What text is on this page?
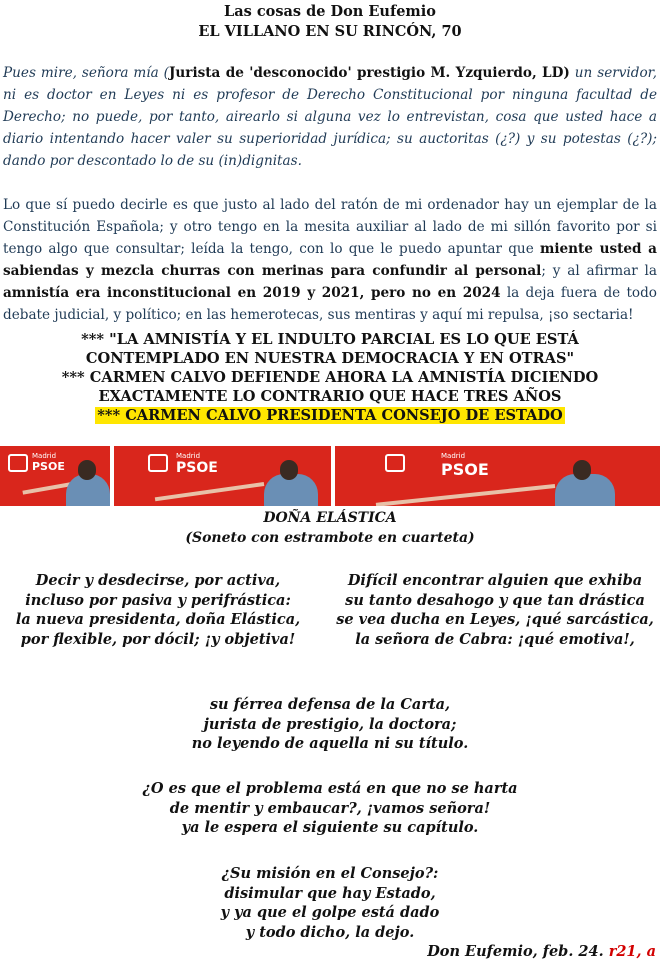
Las cosas de Don Eufemio
EL VILLANO EN SU RINCÓN, 70
Pues mire, señora mía (Jurista de 'desconocido' prestigio M. Yzquierdo, LD) un servidor, ni es doctor en Leyes ni es profesor de Derecho Constitucional por ninguna facultad de Derecho; no puede, por tanto, airearlo si alguna vez lo entrevistan, cosa que usted hace a diario intentando hacer valer su superioridad jurídica; su auctoritas (¿?) y su potestas (¿?); dando por descontado lo de su (in)dignitas.
Lo que sí puedo decirle es que justo al lado del ratón de mi ordenador hay un ejemplar de la Constitución Española; y otro tengo en la mesita auxiliar al lado de mi sillón favorito por si tengo algo que consultar; leída la tengo, con lo que le puedo apuntar que miente usted a sabiendas y mezcla churras con merinas para confundir al personal; y al afirmar la amnistía era inconstitucional en 2019 y 2021, pero no en 2024 la deja fuera de todo debate judicial, y político; en las hemerotecas, sus mentiras y aquí mi repulsa, ¡so sectaria!
*** "LA AMNISTÍA Y EL INDULTO PARCIAL ES LO QUE ESTÁ CONTEMPLADO EN NUESTRA DEMOCRACIA Y EN OTRAS"
*** CARMEN CALVO DEFIENDE AHORA LA AMNISTÍA DICIENDO EXACTAMENTE LO CONTRARIO QUE HACE TRES AÑOS
*** CARMEN CALVO PRESIDENTA CONSEJO DE ESTADO
Madrid
PSOE
Madrid
PSOE
Madrid
PSOE
DOÑA ELÁSTICA
(Soneto con estrambote en cuarteta)
Decir y desdecirse, por activa,
incluso por pasiva y perifrástica:
la nueva presidenta, doña Elástica,
por flexible, por dócil; ¡y objetiva!
Difícil encontrar alguien que exhiba
su tanto desahogo y que tan drástica
se vea ducha en Leyes, ¡qué sarcástica,
la señora de Cabra: ¡qué emotiva!,
su férrea defensa de la Carta,
jurista de prestigio, la doctora;
no leyendo de aquella ni su título.
¿O es que el problema está en que no se harta
de mentir y embaucar?, ¡vamos señora!
ya le espera el siguiente su capítulo.
¿Su misión en el Consejo?:
disimular que hay Estado,
y ya que el golpe está dado
y todo dicho, la dejo.
Don Eufemio, feb. 24. r21, a
